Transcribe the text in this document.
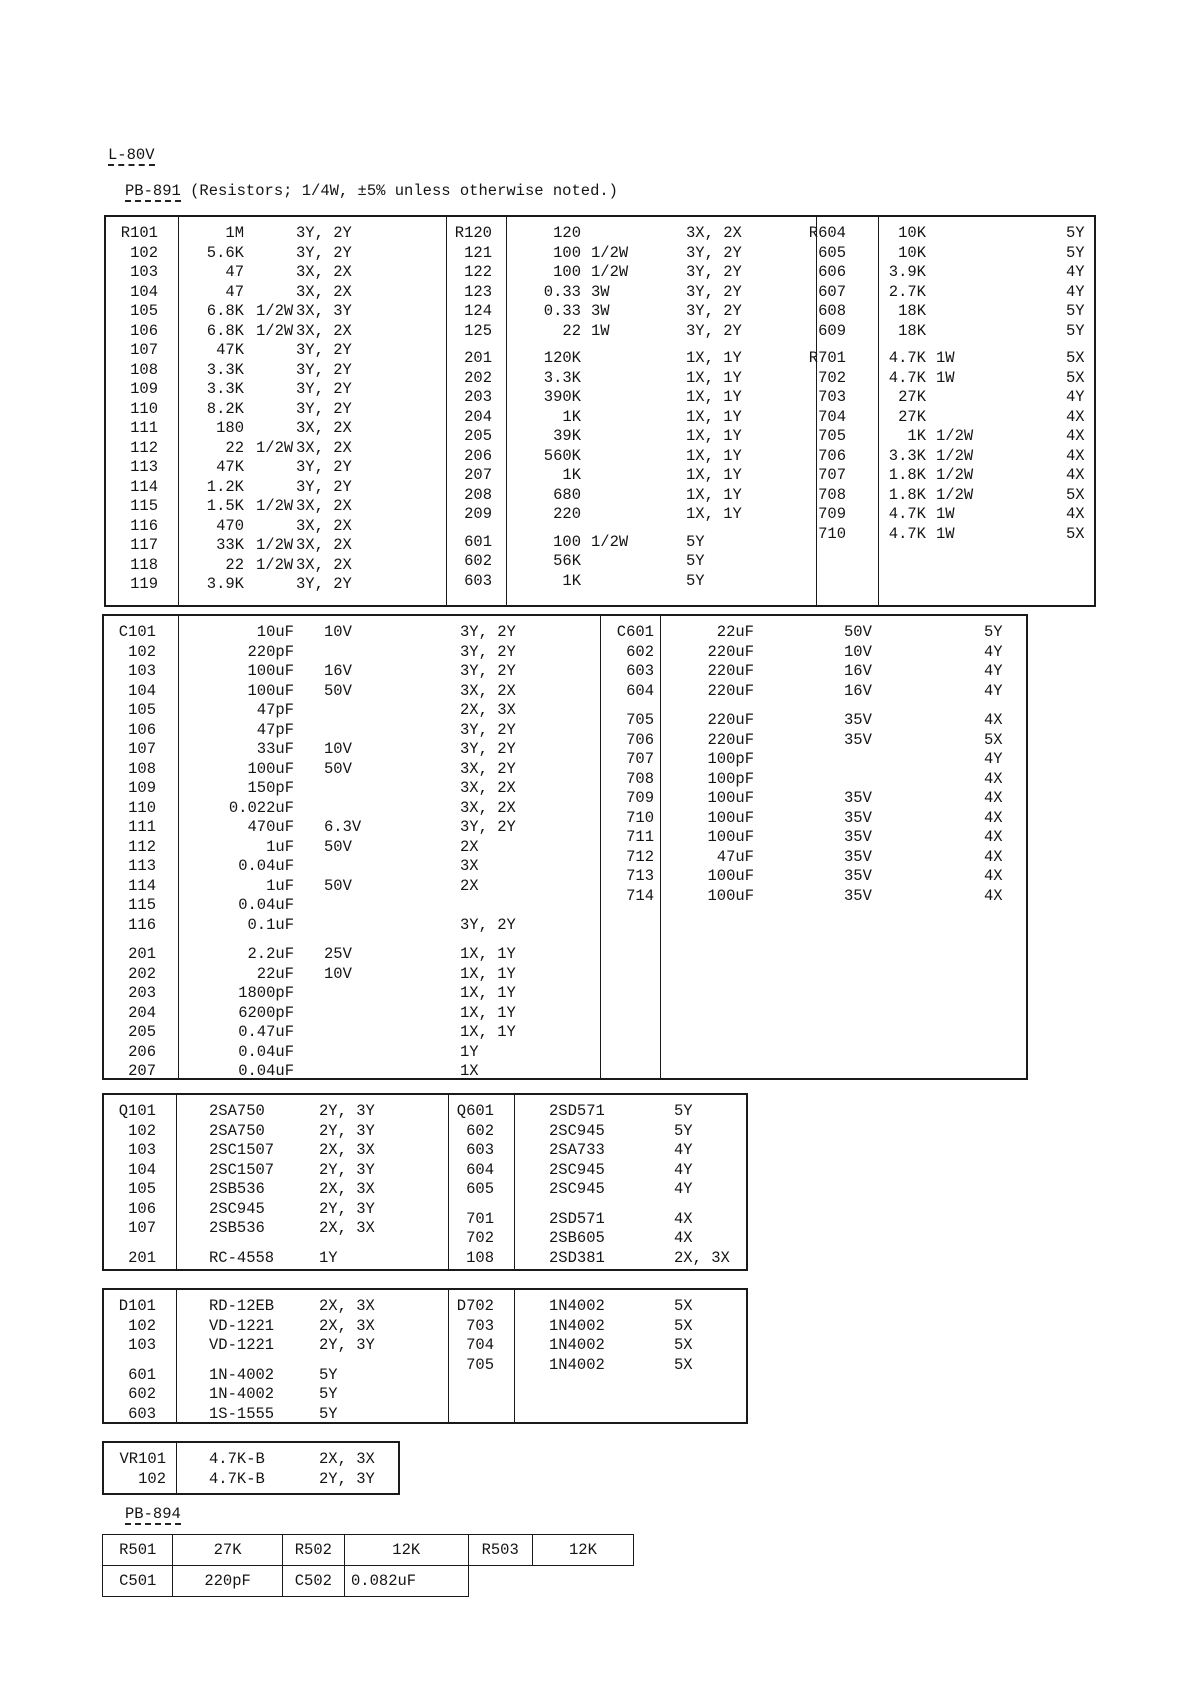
L-80V
PB-891 (Resistors; 1/4W, ±5% unless otherwise noted.)
R101	1M	3Y, 2Y
102	5.6K	3Y, 2Y
103	47	3X, 2X
104	47	3X, 2X
105	6.8K 1/2W 3X, 3Y
106	6.8K 1/2W 3X, 2X
107	47K	3Y, 2Y
108	3.3K	3Y, 2Y
109	3.3K	3Y, 2Y
110	8.2K	3Y, 2Y
111	180	3X, 2X
112	22 1/2W 3X, 2X
113	47K	3Y, 2Y
114	1.2K	3Y, 2Y
115	1.5K 1/2W 3X, 2X
116	470	3X, 2X
117	33K 1/2W 3X, 2X
118	22 1/2W 3X, 2X
119	3.9K	3Y, 2Y
R120	120	3X, 2X
121	100 1/2W	3Y, 2Y
122	100 1/2W	3Y, 2Y
123	0.33 3W	3Y, 2Y
124	0.33 3W	3Y, 2Y
125	22 1W	3Y, 2Y
201	120K	1X, 1Y
202	3.3K	1X, 1Y
203	390K	1X, 1Y
204	1K	1X, 1Y
205	39K	1X, 1Y
206	560K	1X, 1Y
207	1K	1X, 1Y
208	680	1X, 1Y
209	220	1X, 1Y
601	100 1/2W	5Y
602	56K	5Y
603	1K	5Y
R604	10K	5Y
605	10K	5Y
606	3.9K	4Y
607	2.7K	4Y
608	18K	5Y
609	18K	5Y
R701	4.7K 1W	5X
702	4.7K 1W	5X
703	27K	4Y
704	27K	4X
705	1K 1/2W	4X
706	3.3K 1/2W	4X
707	1.8K 1/2W	4X
708	1.8K 1/2W	5X
709	4.7K 1W	4X
710	4.7K 1W	5X
C101	10uF 10V	3Y, 2Y
102	220pF	3Y, 2Y
103	100uF 16V	3Y, 2Y
104	100uF 50V	3X, 2X
105	47pF	2X, 3X
106	47pF	3Y, 2Y
107	33uF 10V	3Y, 2Y
108	100uF 50V	3X, 2Y
109	150pF	3X, 2X
110	0.022uF	3X, 2X
111	470uF 6.3V	3Y, 2Y
112	1uF 50V	2X
113	0.04uF	3X
114	1uF 50V	2X
115	0.04uF
116	0.1uF	3Y, 2Y
201	2.2uF 25V	1X, 1Y
202	22uF 10V	1X, 1Y
203	1800pF	1X, 1Y
204	6200pF	1X, 1Y
205	0.47uF	1X, 1Y
206	0.04uF	1Y
207	0.04uF	1X
C601	22uF	50V	5Y
602	220uF	10V	4Y
603	220uF	16V	4Y
604	220uF	16V	4Y
705	220uF	35V	4X
706	220uF	35V	5X
707	100pF	4Y
708	100pF	4X
709	100uF	35V	4X
710	100uF	35V	4X
711	100uF	35V	4X
712	47uF	35V	4X
713	100uF	35V	4X
714	100uF	35V	4X
Q101	2SA750	2Y, 3Y
102	2SA750	2Y, 3Y
103	2SC1507	2X, 3X
104	2SC1507	2Y, 3Y
105	2SB536	2X, 3X
106	2SC945	2Y, 3Y
107	2SB536	2X, 3X
201	RC-4558	1Y
Q601	2SD571	5Y
602	2SC945	5Y
603	2SA733	4Y
604	2SC945	4Y
605	2SC945	4Y
701	2SD571	4X
702	2SB605	4X
108	2SD381	2X, 3X
D101	RD-12EB	2X, 3X
102	VD-1221	2X, 3X
103	VD-1221	2Y, 3Y
601	1N-4002	5Y
602	1N-4002	5Y
603	1S-1555	5Y
D702	1N4002	5X
703	1N4002	5X
704	1N4002	5X
705	1N4002	5X
VR101	4.7K-B	2X, 3X
102	4.7K-B	2Y, 3Y
PB-894
R501	27K	R502	12K	R503	12K
C501	220pF	C502	0.082uF		
